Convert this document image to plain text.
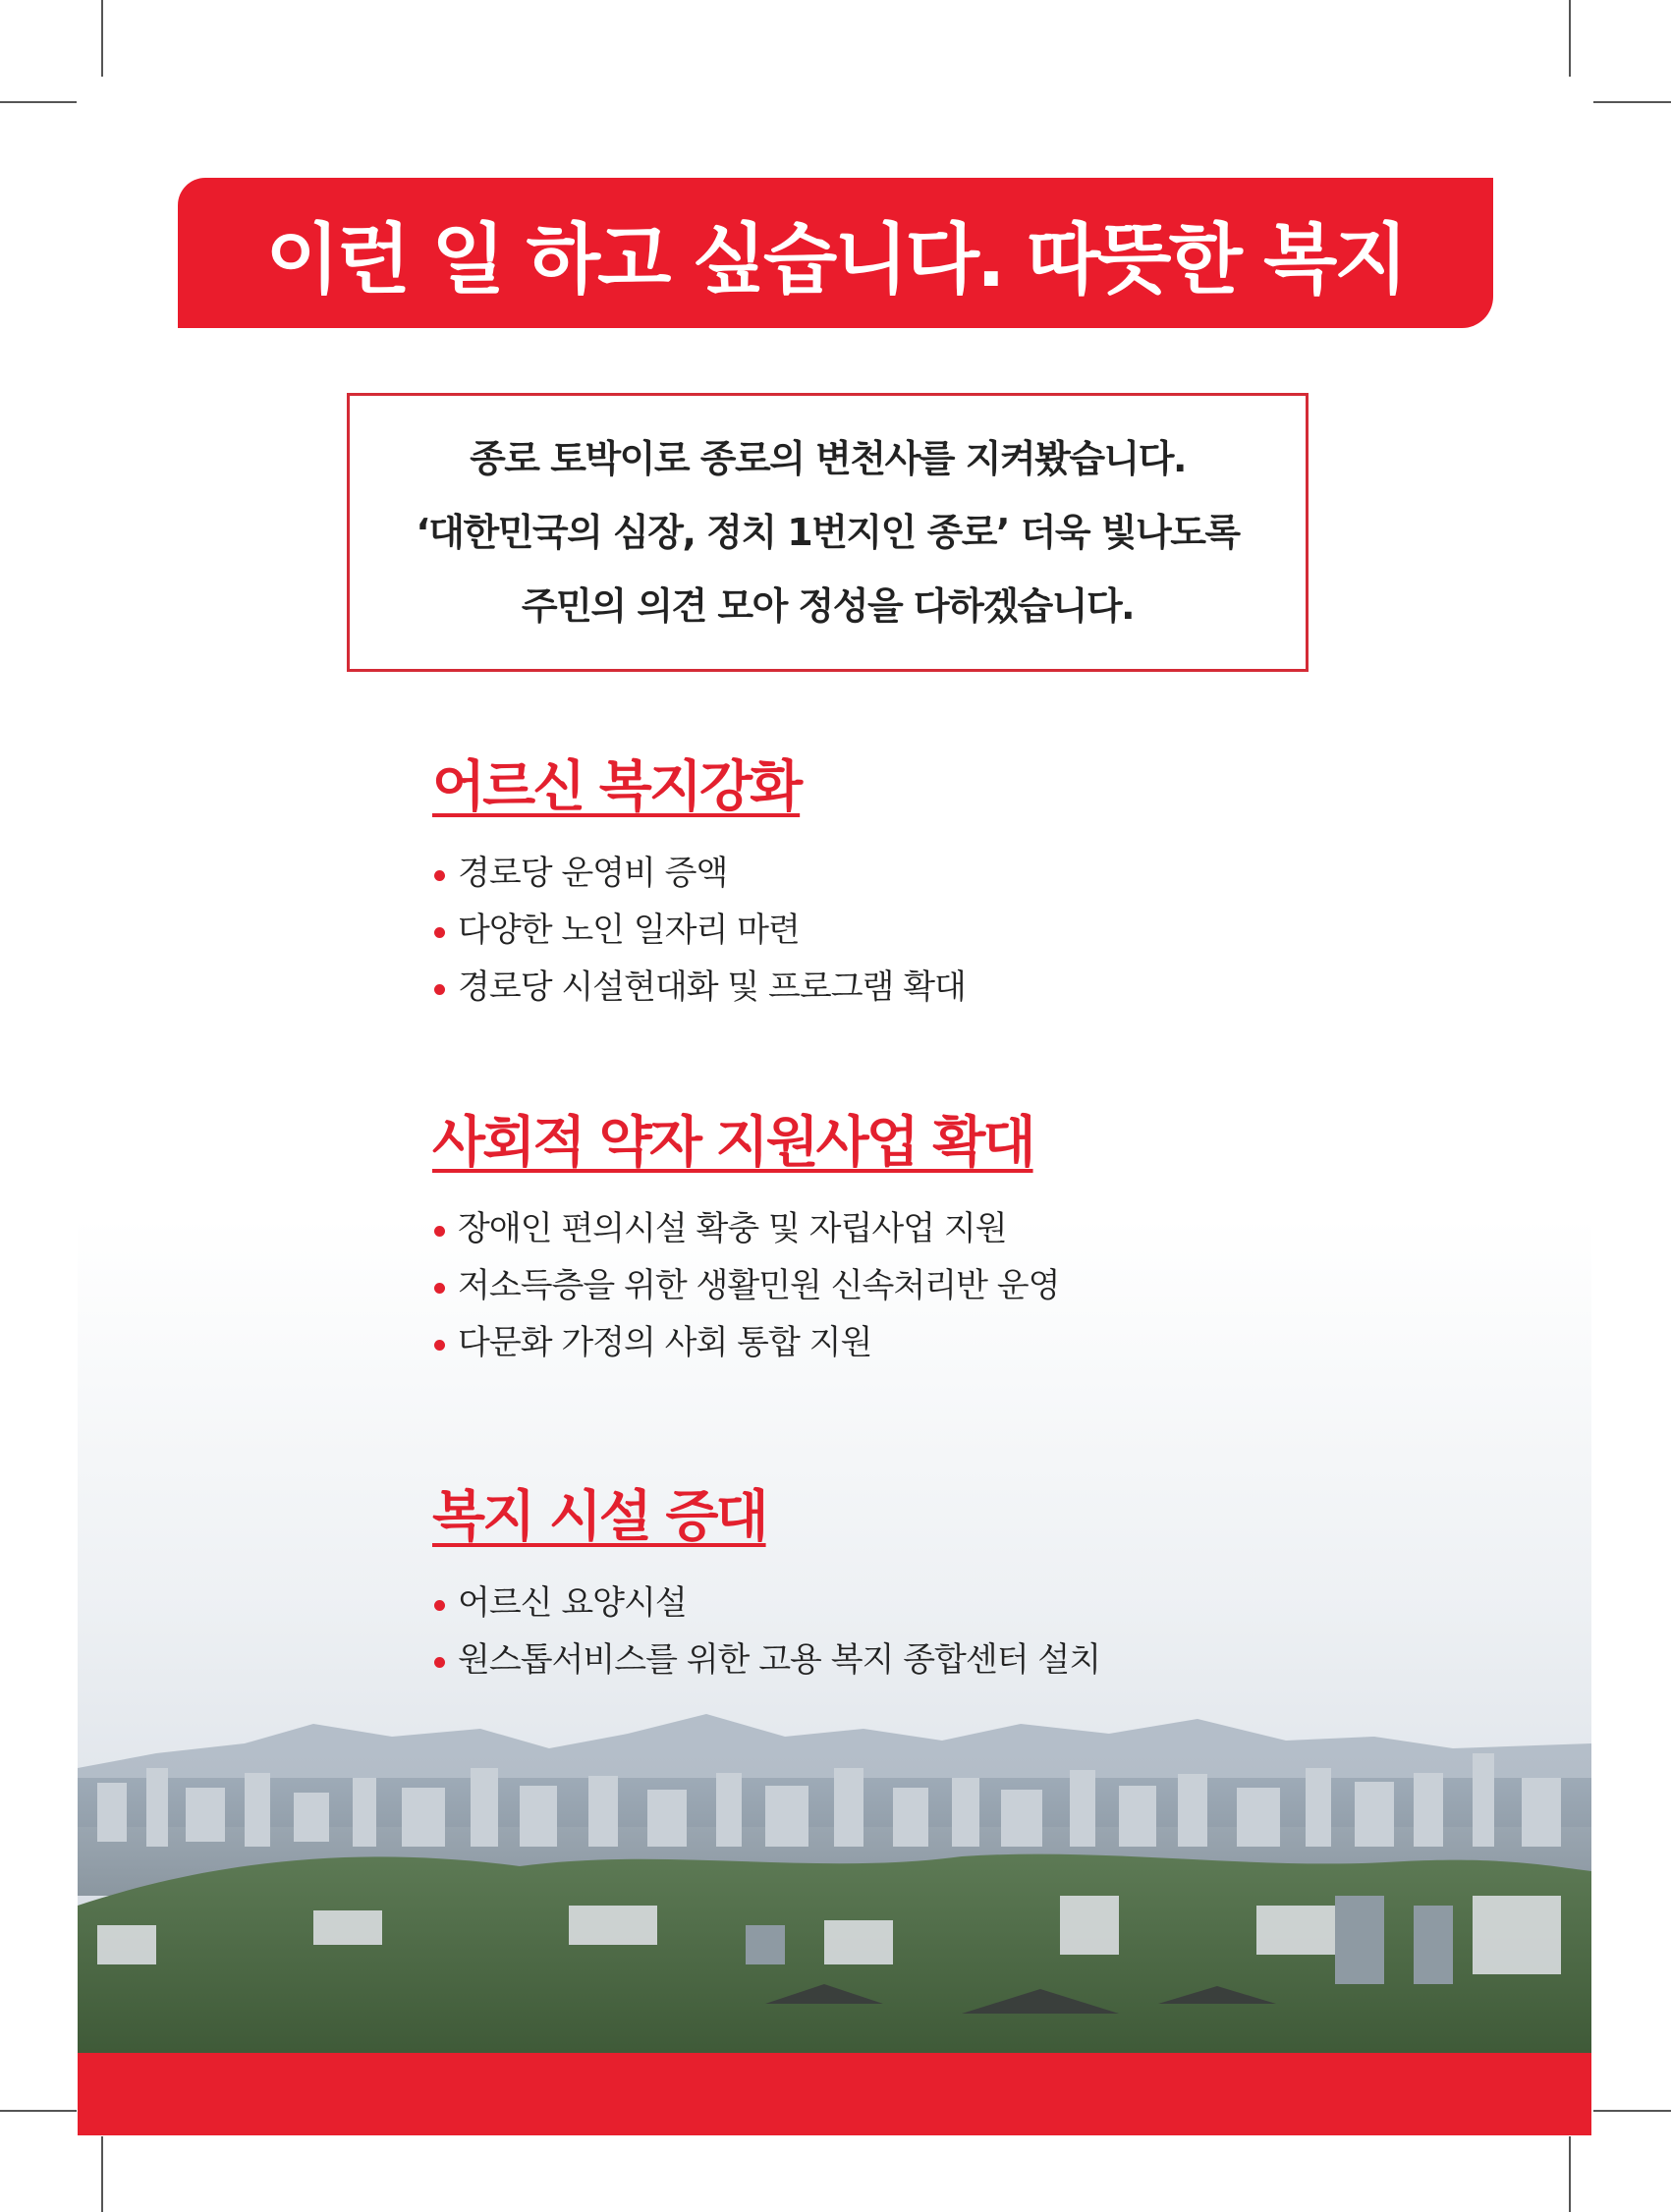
이런 일 하고 싶습니다. 따뜻한 복지

종로 토박이로 종로의 변천사를 지켜봤습니다.

‘대한민국의 심장, 정치 1번지인 종로’ 더욱 빛나도록

주민의 의견 모아 정성을 다하겠습니다.

어르신 복지강화
경로당 운영비 증액
다양한 노인 일자리 마련
경로당 시설현대화 및 프로그램 확대
사회적 약자 지원사업 확대
장애인 편의시설 확충 및 자립사업 지원
저소득층을 위한 생활민원 신속처리반 운영
다문화 가정의 사회 통합 지원
복지 시설 증대
어르신 요양시설
원스톱서비스를 위한 고용 복지 종합센터 설치
